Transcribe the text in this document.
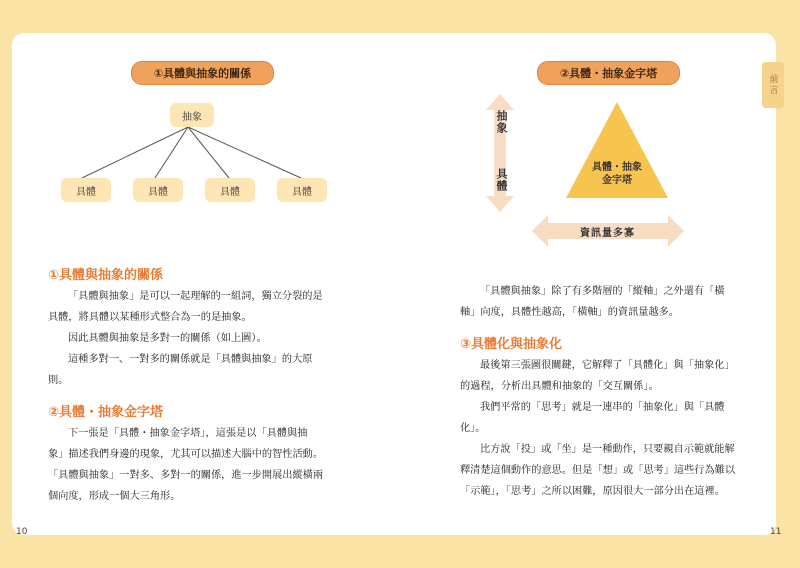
前言
①具體與抽象的關係
抽象
具體	具體	具體	具體
①具體與抽象的關係

「具體與抽象」是可以一起理解的一組詞，獨立分裂的是
具體，將具體以某種形式整合為一的是抽象。
因此具體與抽象是多對一的關係（如上圖）。
這種多對一、一對多的關係就是「具體與抽象」的大原
則。

②具體・抽象金字塔

下一張是「具體・抽象金字塔」，這張是以「具體與抽
象」描述我們身邊的現象，尤其可以描述大腦中的智性活動。
「具體與抽象」一對多、多對一的關係，進一步開展出縱橫兩
個向度，形成一個大三角形。

10
②具體・抽象金字塔
抽象
具體
具體・抽象
金字塔
資訊量多寡

「具體與抽象」除了有多階層的「縱軸」之外還有「橫
軸」向度，具體性越高，「橫軸」的資訊量越多。

③具體化與抽象化

最後第三張圖很關鍵，它解釋了「具體化」與「抽象化」
的過程，分析出具體和抽象的「交互關係」。
我們平常的「思考」就是一連串的「抽象化」與「具體
化」。
比方說「投」或「坐」是一種動作，只要親自示範就能解
釋清楚這個動作的意思。但是「想」或「思考」這些行為難以
「示範」，「思考」之所以困難，原因很大一部分出在這裡。

11
